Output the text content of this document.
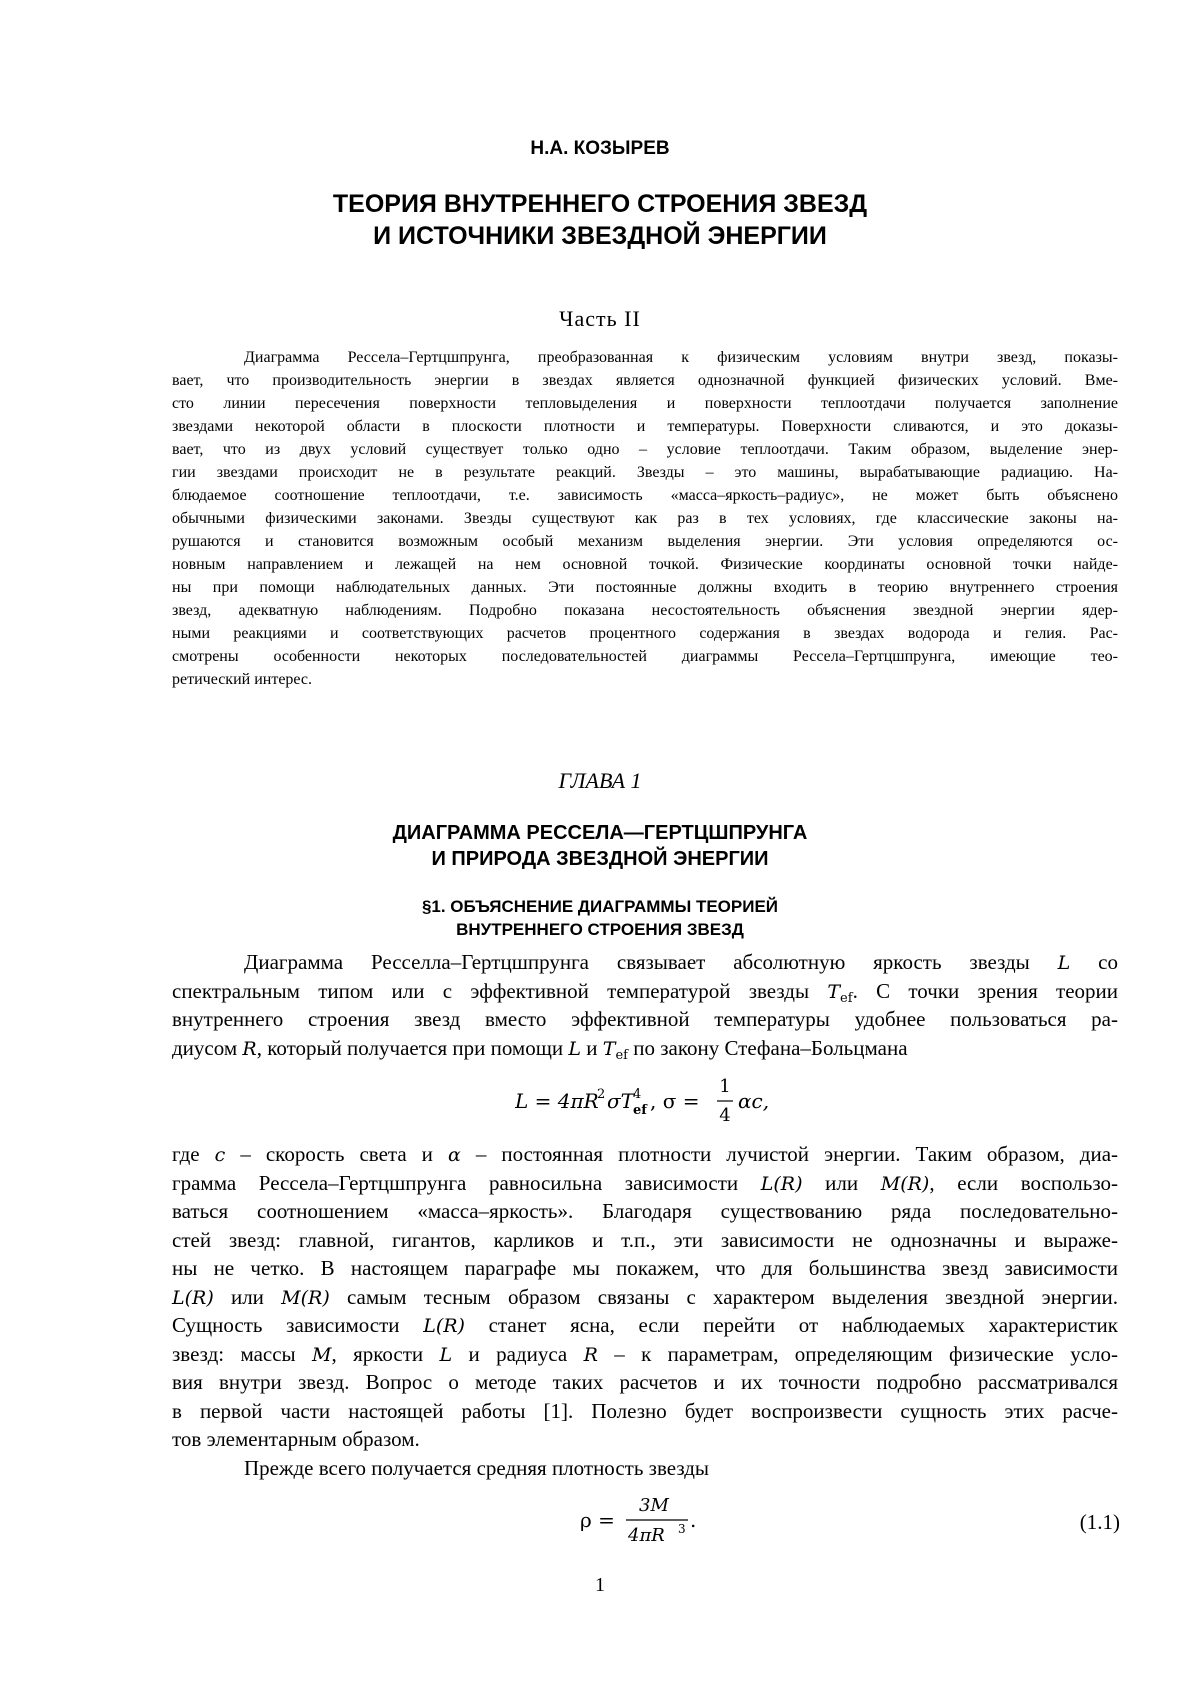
Н.А. КОЗЫРЕВ
ТЕОРИЯ ВНУТРЕННЕГО СТРОЕНИЯ ЗВЕЗД
И ИСТОЧНИКИ ЗВЕЗДНОЙ ЭНЕРГИИ
Часть II
Диаграмма Рессела–Гертцшпрунга, преобразованная к физическим условиям внутри звезд, показы-
вает, что производительность энергии в звездах является однозначной функцией физических условий. Вме-
сто линии пересечения поверхности тепловыделения и поверхности теплоотдачи получается заполнение
звездами некоторой области в плоскости плотности и температуры. Поверхности сливаются, и это доказы-
вает, что из двух условий существует только одно – условие теплоотдачи. Таким образом, выделение энер-
гии звездами происходит не в результате реакций. Звезды – это машины, вырабатывающие радиацию. На-
блюдаемое соотношение теплоотдачи, т.е. зависимость «масса–яркость–радиус», не может быть объяснено
обычными физическими законами. Звезды существуют как раз в тех условиях, где классические законы на-
рушаются и становится возможным особый механизм выделения энергии. Эти условия определяются ос-
новным направлением и лежащей на нем основной точкой. Физические координаты основной точки найде-
ны при помощи наблюдательных данных. Эти постоянные должны входить в теорию внутреннего строения
звезд, адекватную наблюдениям. Подробно показана несостоятельность объяснения звездной энергии ядер-
ными реакциями и соответствующих расчетов процентного содержания в звездах водорода и гелия. Рас-
смотрены особенности некоторых последовательностей диаграммы Рессела–Гертцшпрунга, имеющие тео-
ретический интерес.
ГЛАВА 1
ДИАГРАММА РЕССЕЛА—ГЕРТЦШПРУНГА
И ПРИРОДА ЗВЕЗДНОЙ ЭНЕРГИИ
§1. ОБЪЯСНЕНИЕ ДИАГРАММЫ ТЕОРИЕЙ
ВНУТРЕННЕГО СТРОЕНИЯ ЗВЕЗД
Диаграмма Ресселла–Гертцшпрунга связывает абсолютную яркость звезды L со
спектральным типом или с эффективной температурой звезды $T_{ef}$. С точки зрения теории
внутреннего строения звезд вместо эффективной температуры удобнее пользоваться ра-
диусом R, который получается при помощи L и $T_{ef}$ по закону Стефана–Больцмана
L = 4πR
2 σT 4
ef , σ =
1
4
αc,
где c – скорость света и α – постоянная плотности лучистой энергии. Таким образом, диа-
грамма Рессела–Гертцшпрунга равносильна зависимости L(R) или M(R), если воспользо-
ваться соотношением «масса–яркость». Благодаря существованию ряда последовательно-
стей звезд: главной, гигантов, карликов и т.п., эти зависимости не однозначны и выраже-
ны не четко. В настоящем параграфе мы покажем, что для большинства звезд зависимости
L(R) или M(R) самым тесным образом связаны с характером выделения звездной энергии.
Сущность зависимости L(R) станет ясна, если перейти от наблюдаемых характеристик
звезд: массы M, яркости L и радиуса R – к параметрам, определяющим физические усло-
вия внутри звезд. Вопрос о методе таких расчетов и их точности подробно рассматривался
в первой части настоящей работы [1]. Полезно будет воспроизвести сущность этих расче-
тов элементарным образом.
Прежде всего получается средняя плотность звезды
ρ =
3M
4πR 3 .	(1.1)
1
